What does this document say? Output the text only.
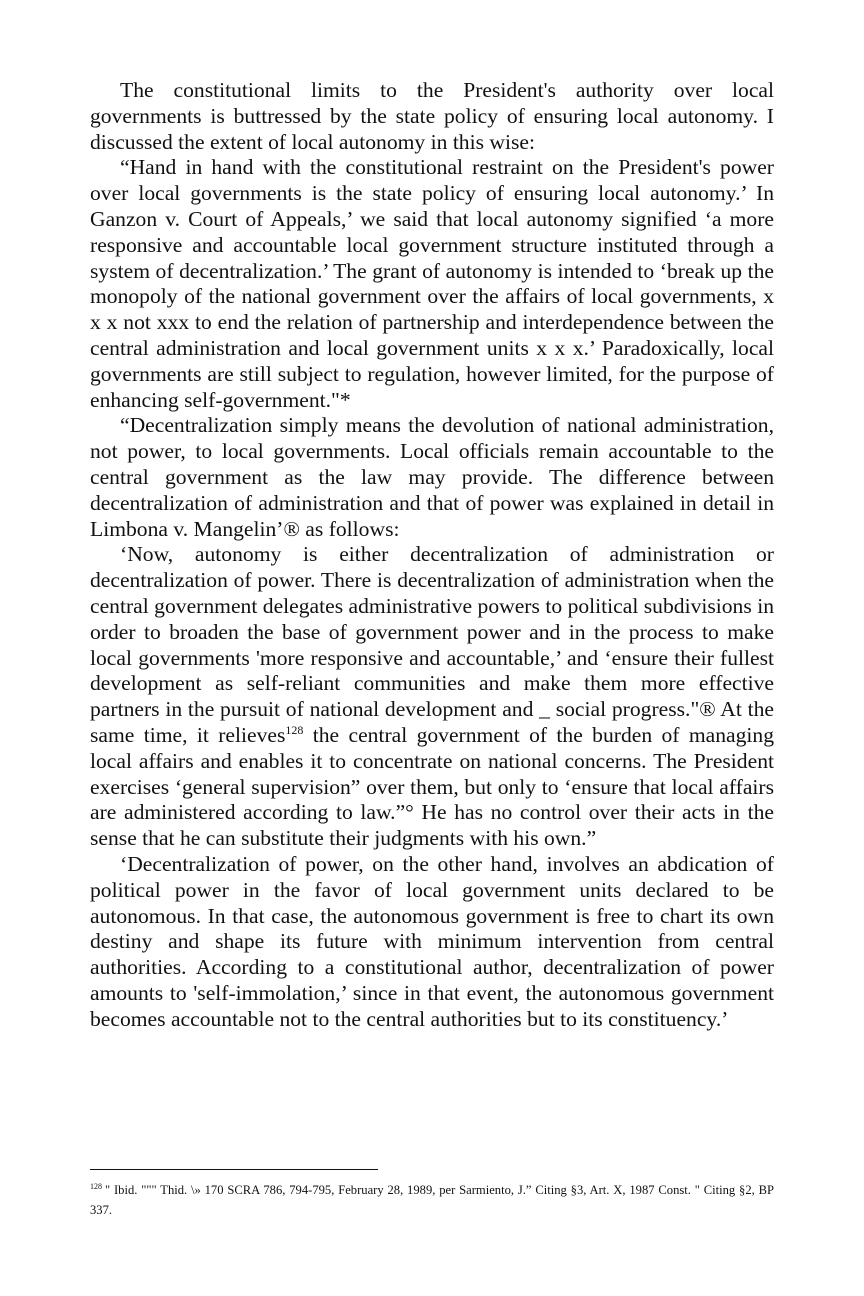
The constitutional limits to the President's authority over local governments is buttressed by the state policy of ensuring local autonomy. I discussed the extent of local autonomy in this wise:

“Hand in hand with the constitutional restraint on the President's power over local governments is the state policy of ensuring local autonomy.’ In Ganzon v. Court of Appeals,’ we said that local autonomy signified ‘a more responsive and accountable local government structure instituted through a system of decentralization.’ The grant of autonomy is intended to ‘break up the monopoly of the national government over the affairs of local governments, x x x not xxx to end the relation of partnership and interdependence between the central administration and local government units x x x.’ Paradoxically, local governments are still subject to regulation, however limited, for the purpose of enhancing self-government."*

“Decentralization simply means the devolution of national administration, not power, to local governments. Local officials remain accountable to the central government as the law may provide. The difference between decentralization of administration and that of power was explained in detail in Limbona v. Mangelin’® as follows:

‘Now, autonomy is either decentralization of administration or decentralization of power. There is decentralization of administration when the central government delegates administrative powers to political subdivisions in order to broaden the base of government power and in the process to make local governments 'more responsive and accountable,’ and ‘ensure their fullest development as self-reliant communities and make them more effective partners in the pursuit of national development and _ social progress."® At the same time, it relieves$^{128}$ the central government of the burden of managing local affairs and enables it to concentrate on national concerns. The President exercises ‘general supervision” over them, but only to ‘ensure that local affairs are administered according to law.”° He has no control over their acts in the sense that he can substitute their judgments with his own.”

‘Decentralization of power, on the other hand, involves an abdication of political power in the favor of local government units declared to be autonomous. In that case, the autonomous government is free to chart its own destiny and shape its future with minimum intervention from central authorities. According to a constitutional author, decentralization of power amounts to 'self-immolation,’ since in that event, the autonomous government becomes accountable not to the central authorities but to its constituency.’

$^{128}$ " Ibid. """ Thid. \» 170 SCRA 786, 794-795, February 28, 1989, per Sarmiento, J.” Citing §3, Art. X, 1987 Const. " Citing §2, BP 337.
